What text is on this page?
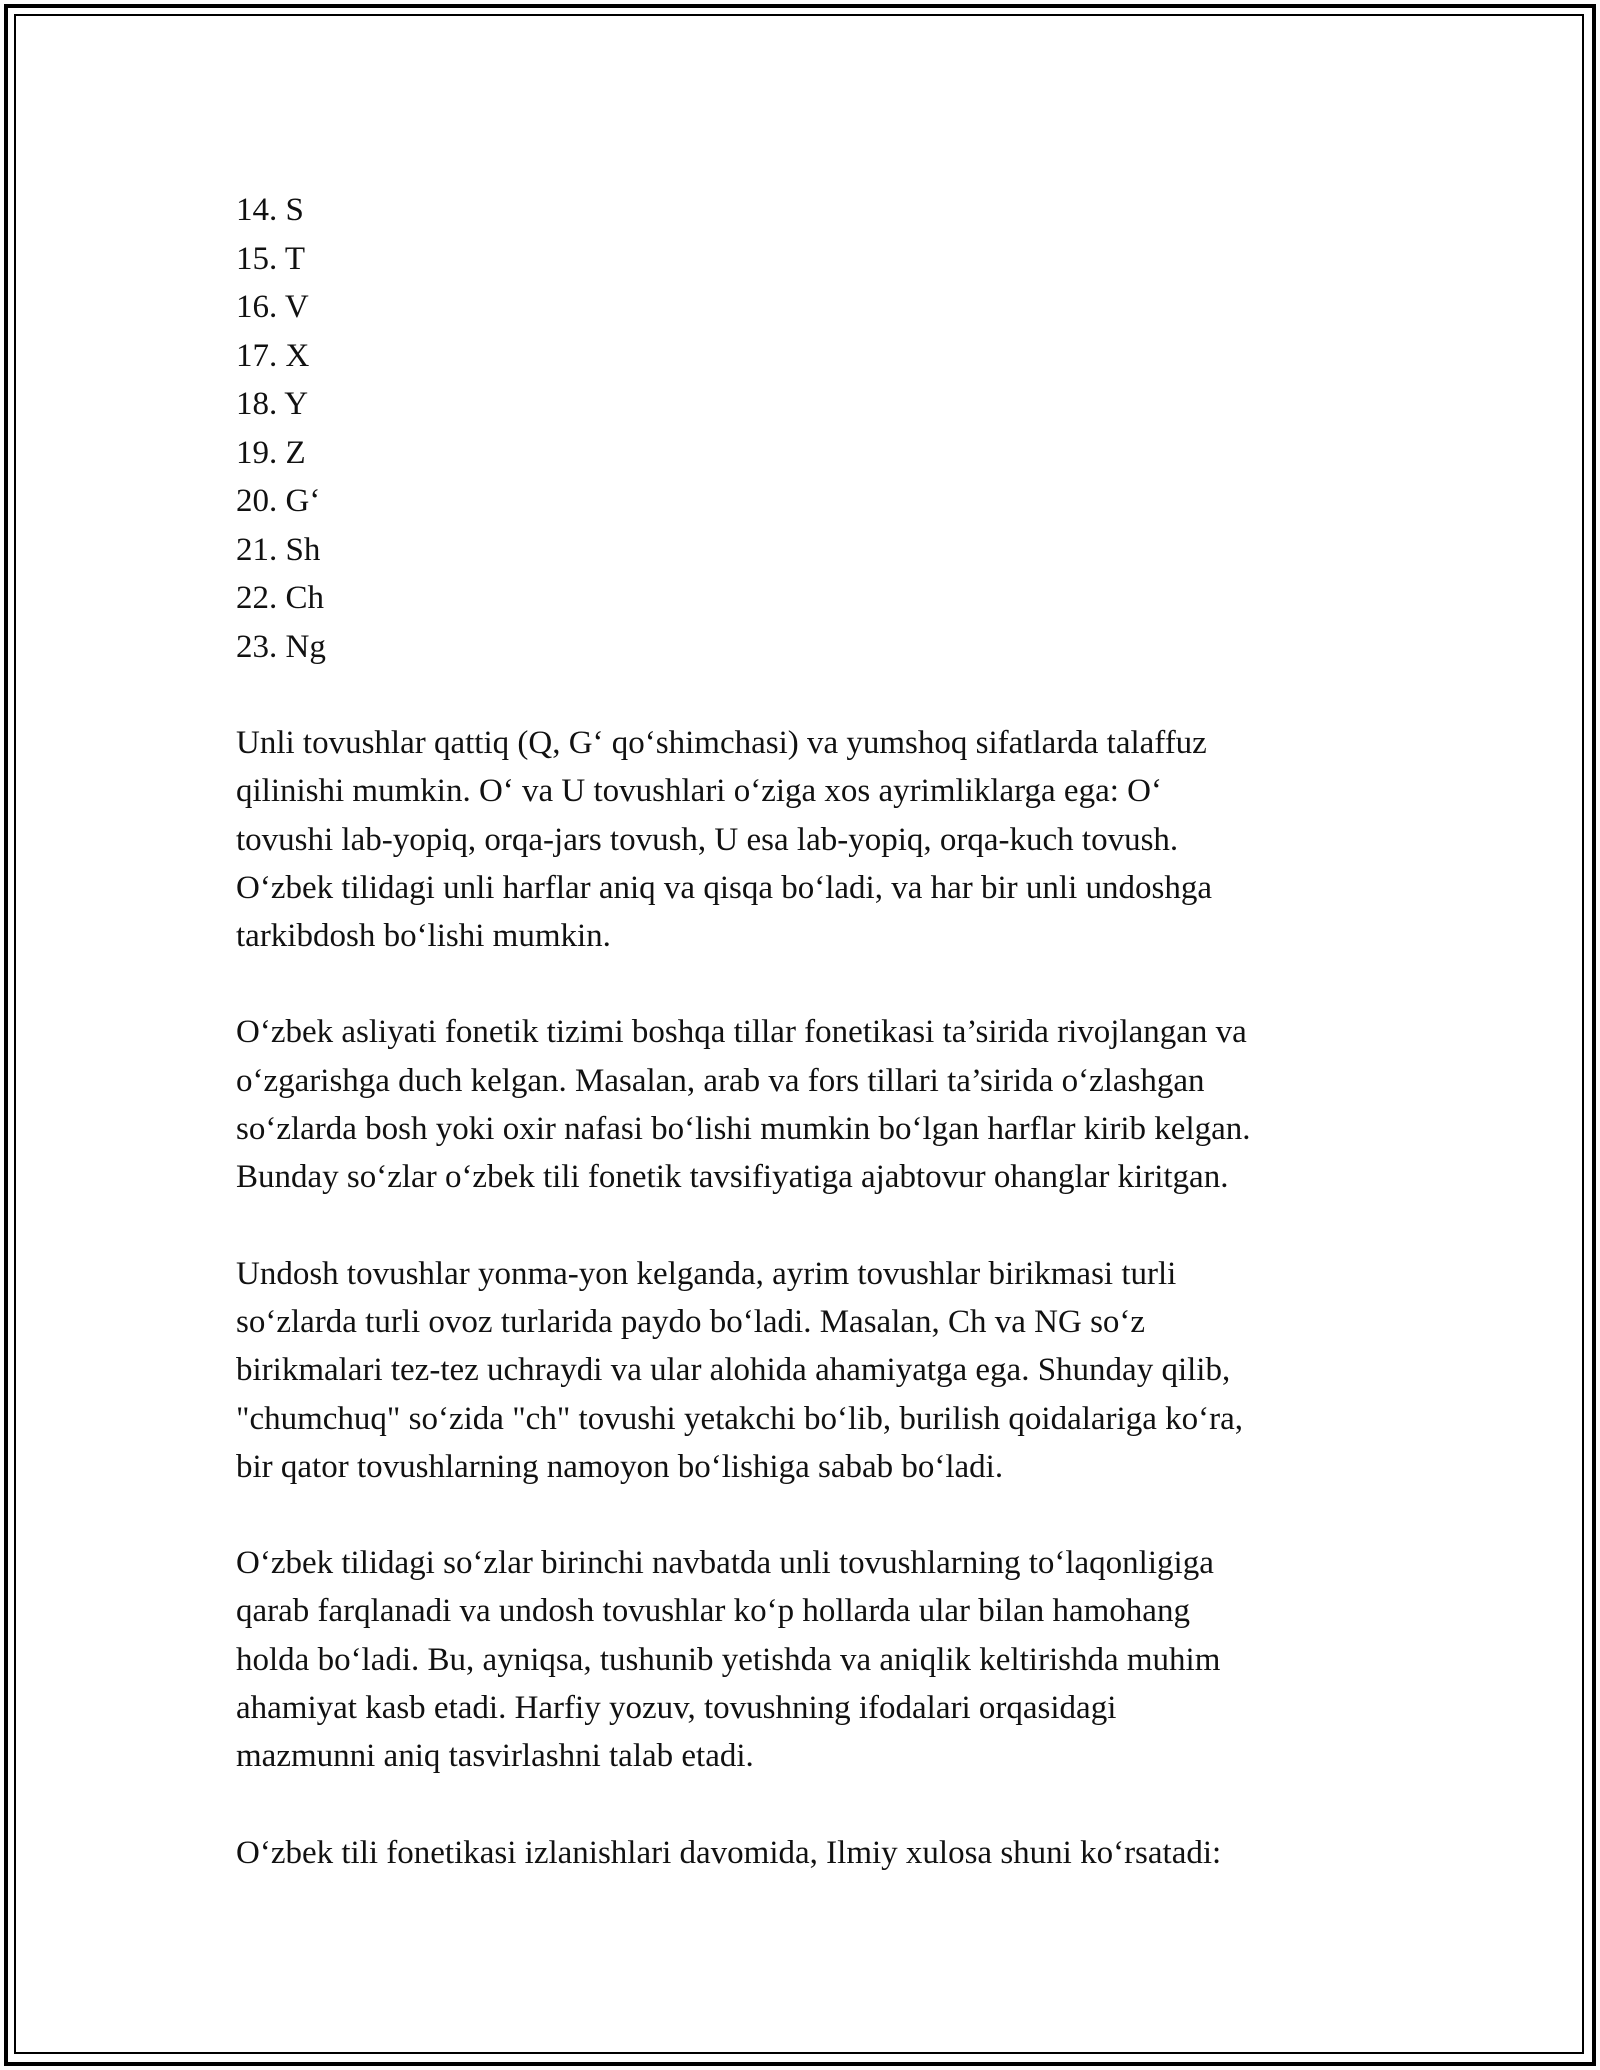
14. S
15. T
16. V
17. X
18. Y
19. Z
20. G‘
21. Sh
22. Ch
23. Ng

Unli tovushlar qattiq (Q, G‘ qo‘shimchasi) va yumshoq sifatlarda talaffuz
qilinishi mumkin. O‘ va U tovushlari o‘ziga xos ayrimliklarga ega: O‘
tovushi lab-yopiq, orqa-jars tovush, U esa lab-yopiq, orqa-kuch tovush.
O‘zbek tilidagi unli harflar aniq va qisqa bo‘ladi, va har bir unli undoshga
tarkibdosh bo‘lishi mumkin.

O‘zbek asliyati fonetik tizimi boshqa tillar fonetikasi ta’sirida rivojlangan va
o‘zgarishga duch kelgan. Masalan, arab va fors tillari ta’sirida o‘zlashgan
so‘zlarda bosh yoki oxir nafasi bo‘lishi mumkin bo‘lgan harflar kirib kelgan.
Bunday so‘zlar o‘zbek tili fonetik tavsifiyatiga ajabtovur ohanglar kiritgan.

Undosh tovushlar yonma-yon kelganda, ayrim tovushlar birikmasi turli
so‘zlarda turli ovoz turlarida paydo bo‘ladi. Masalan, Ch va NG so‘z
birikmalari tez-tez uchraydi va ular alohida ahamiyatga ega. Shunday qilib,
"chumchuq" so‘zida "ch" tovushi yetakchi bo‘lib, burilish qoidalariga ko‘ra,
bir qator tovushlarning namoyon bo‘lishiga sabab bo‘ladi.

O‘zbek tilidagi so‘zlar birinchi navbatda unli tovushlarning to‘laqonligiga
qarab farqlanadi va undosh tovushlar ko‘p hollarda ular bilan hamohang
holda bo‘ladi. Bu, ayniqsa, tushunib yetishda va aniqlik keltirishda muhim
ahamiyat kasb etadi. Harfiy yozuv, tovushning ifodalari orqasidagi
mazmunni aniq tasvirlashni talab etadi.

O‘zbek tili fonetikasi izlanishlari davomida, Ilmiy xulosa shuni ko‘rsatadi:
